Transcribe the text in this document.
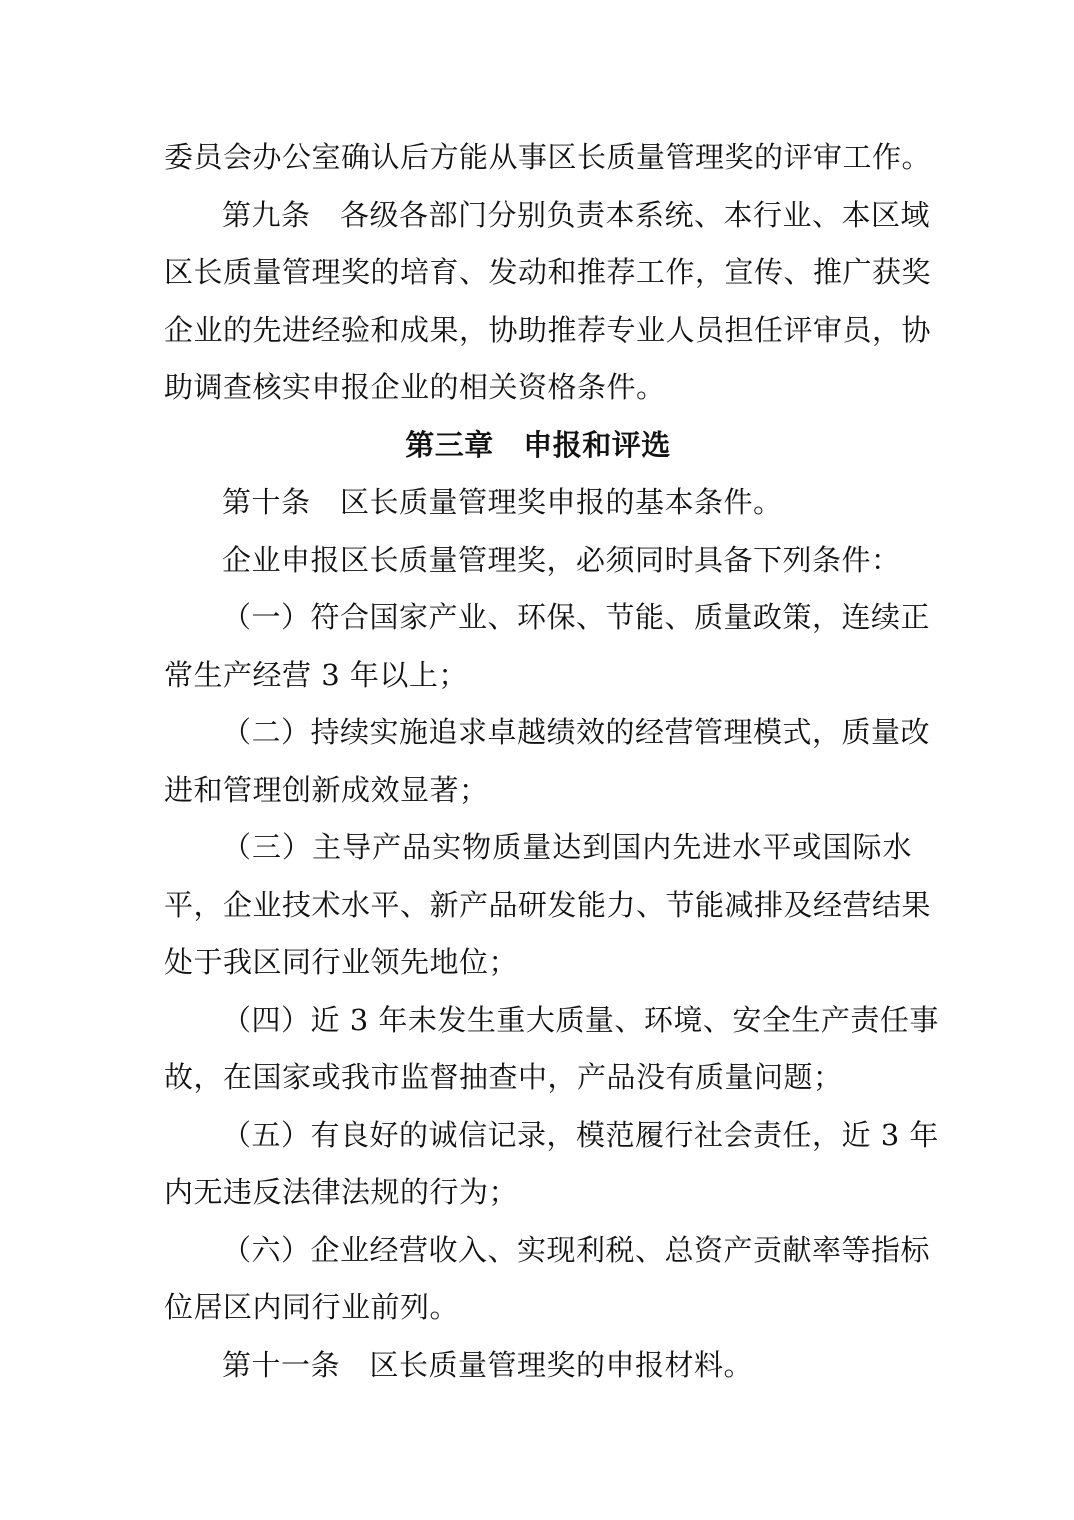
委员会办公室确认后方能从事区长质量管理奖的评审工作。
第九条　各级各部门分别负责本系统、本行业、本区域
区长质量管理奖的培育、发动和推荐工作，宣传、推广获奖
企业的先进经验和成果，协助推荐专业人员担任评审员，协
助调查核实申报企业的相关资格条件。
第三章　申报和评选
第十条　区长质量管理奖申报的基本条件。
企业申报区长质量管理奖，必须同时具备下列条件：
（一）符合国家产业、环保、节能、质量政策，连续正
常生产经营 3 年以上；
（二）持续实施追求卓越绩效的经营管理模式，质量改
进和管理创新成效显著；
（三）主导产品实物质量达到国内先进水平或国际水
平，企业技术水平、新产品研发能力、节能减排及经营结果
处于我区同行业领先地位；
（四）近 3 年未发生重大质量、环境、安全生产责任事
故，在国家或我市监督抽查中，产品没有质量问题；
（五）有良好的诚信记录，模范履行社会责任，近 3 年
内无违反法律法规的行为；
（六）企业经营收入、实现利税、总资产贡献率等指标
位居区内同行业前列。
第十一条　区长质量管理奖的申报材料。
